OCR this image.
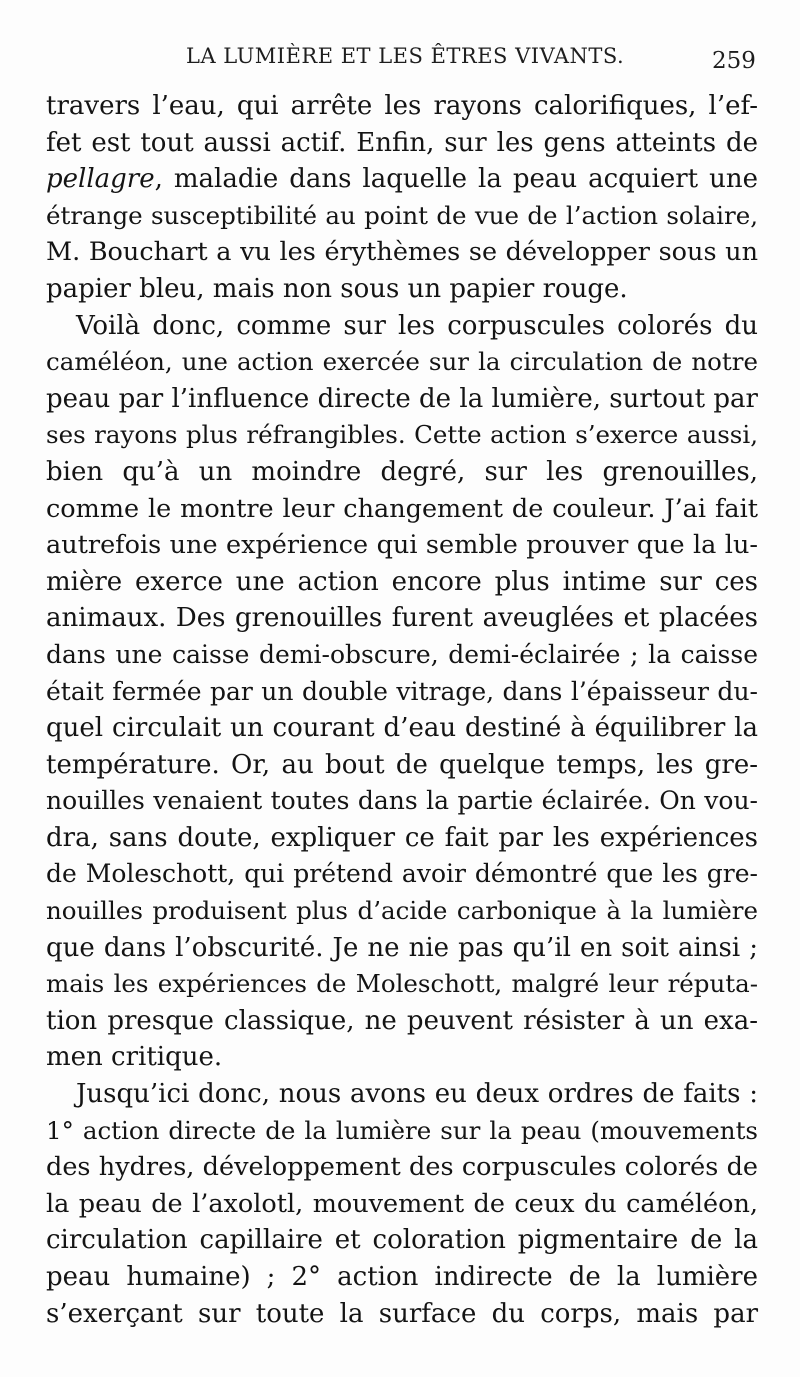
LA LUMIÈRE ET LES ÊTRES VIVANTS.	259
travers l’eau, qui arrête les rayons calorifiques, l’ef-
fet est tout aussi actif. Enfin, sur les gens atteints de
pellagre, maladie dans laquelle la peau acquiert une
étrange susceptibilité au point de vue de l’action solaire,
M. Bouchart a vu les érythèmes se développer sous un
papier bleu, mais non sous un papier rouge.
Voilà donc, comme sur les corpuscules colorés du
caméléon, une action exercée sur la circulation de notre
peau par l’influence directe de la lumière, surtout par
ses rayons plus réfrangibles. Cette action s’exerce aussi,
bien qu’à un moindre degré, sur les grenouilles,
comme le montre leur changement de couleur. J’ai fait
autrefois une expérience qui semble prouver que la lu-
mière exerce une action encore plus intime sur ces
animaux. Des grenouilles furent aveuglées et placées
dans une caisse demi-obscure, demi-éclairée ; la caisse
était fermée par un double vitrage, dans l’épaisseur du-
quel circulait un courant d’eau destiné à équilibrer la
température. Or, au bout de quelque temps, les gre-
nouilles venaient toutes dans la partie éclairée. On vou-
dra, sans doute, expliquer ce fait par les expériences
de Moleschott, qui prétend avoir démontré que les gre-
nouilles produisent plus d’acide carbonique à la lumière
que dans l’obscurité. Je ne nie pas qu’il en soit ainsi ;
mais les expériences de Moleschott, malgré leur réputa-
tion presque classique, ne peuvent résister à un exa-
men critique.
Jusqu’ici donc, nous avons eu deux ordres de faits :
1° action directe de la lumière sur la peau (mouvements
des hydres, développement des corpuscules colorés de
la peau de l’axolotl, mouvement de ceux du caméléon,
circulation capillaire et coloration pigmentaire de la
peau humaine) ; 2° action indirecte de la lumière
s’exerçant sur toute la surface du corps, mais par
